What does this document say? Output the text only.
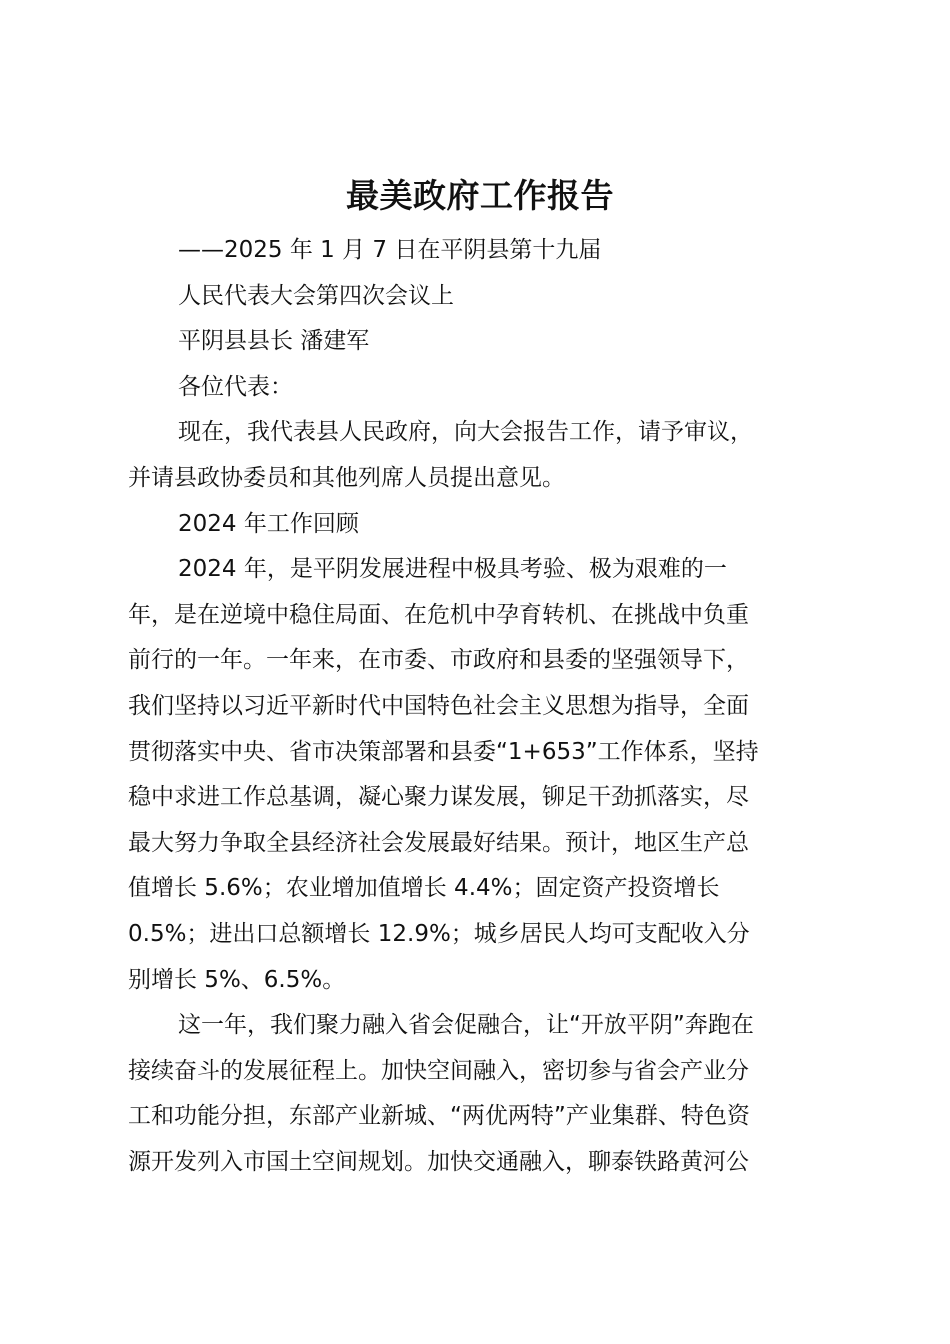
最美政府工作报告

——2025 年 1 月 7 日在平阴县第十九届

人民代表大会第四次会议上

平阴县县长 潘建军

各位代表：

现在，我代表县人民政府，向大会报告工作，请予审议，
并请县政协委员和其他列席人员提出意见。

2024 年工作回顾

2024 年，是平阴发展进程中极具考验、极为艰难的一
年，是在逆境中稳住局面、在危机中孕育转机、在挑战中负重
前行的一年。一年来，在市委、市政府和县委的坚强领导下，
我们坚持以习近平新时代中国特色社会主义思想为指导，全面
贯彻落实中央、省市决策部署和县委“1+653”工作体系，坚持
稳中求进工作总基调，凝心聚力谋发展，铆足干劲抓落实，尽
最大努力争取全县经济社会发展最好结果。预计，地区生产总
值增长 5.6%；农业增加值增长 4.4%；固定资产投资增长
0.5%；进出口总额增长 12.9%；城乡居民人均可支配收入分
别增长 5%、6.5%。
这一年，我们聚力融入省会促融合，让“开放平阴”奔跑在
接续奋斗的发展征程上。加快空间融入，密切参与省会产业分
工和功能分担，东部产业新城、“两优两特”产业集群、特色资
源开发列入市国土空间规划。加快交通融入，聊泰铁路黄河公
